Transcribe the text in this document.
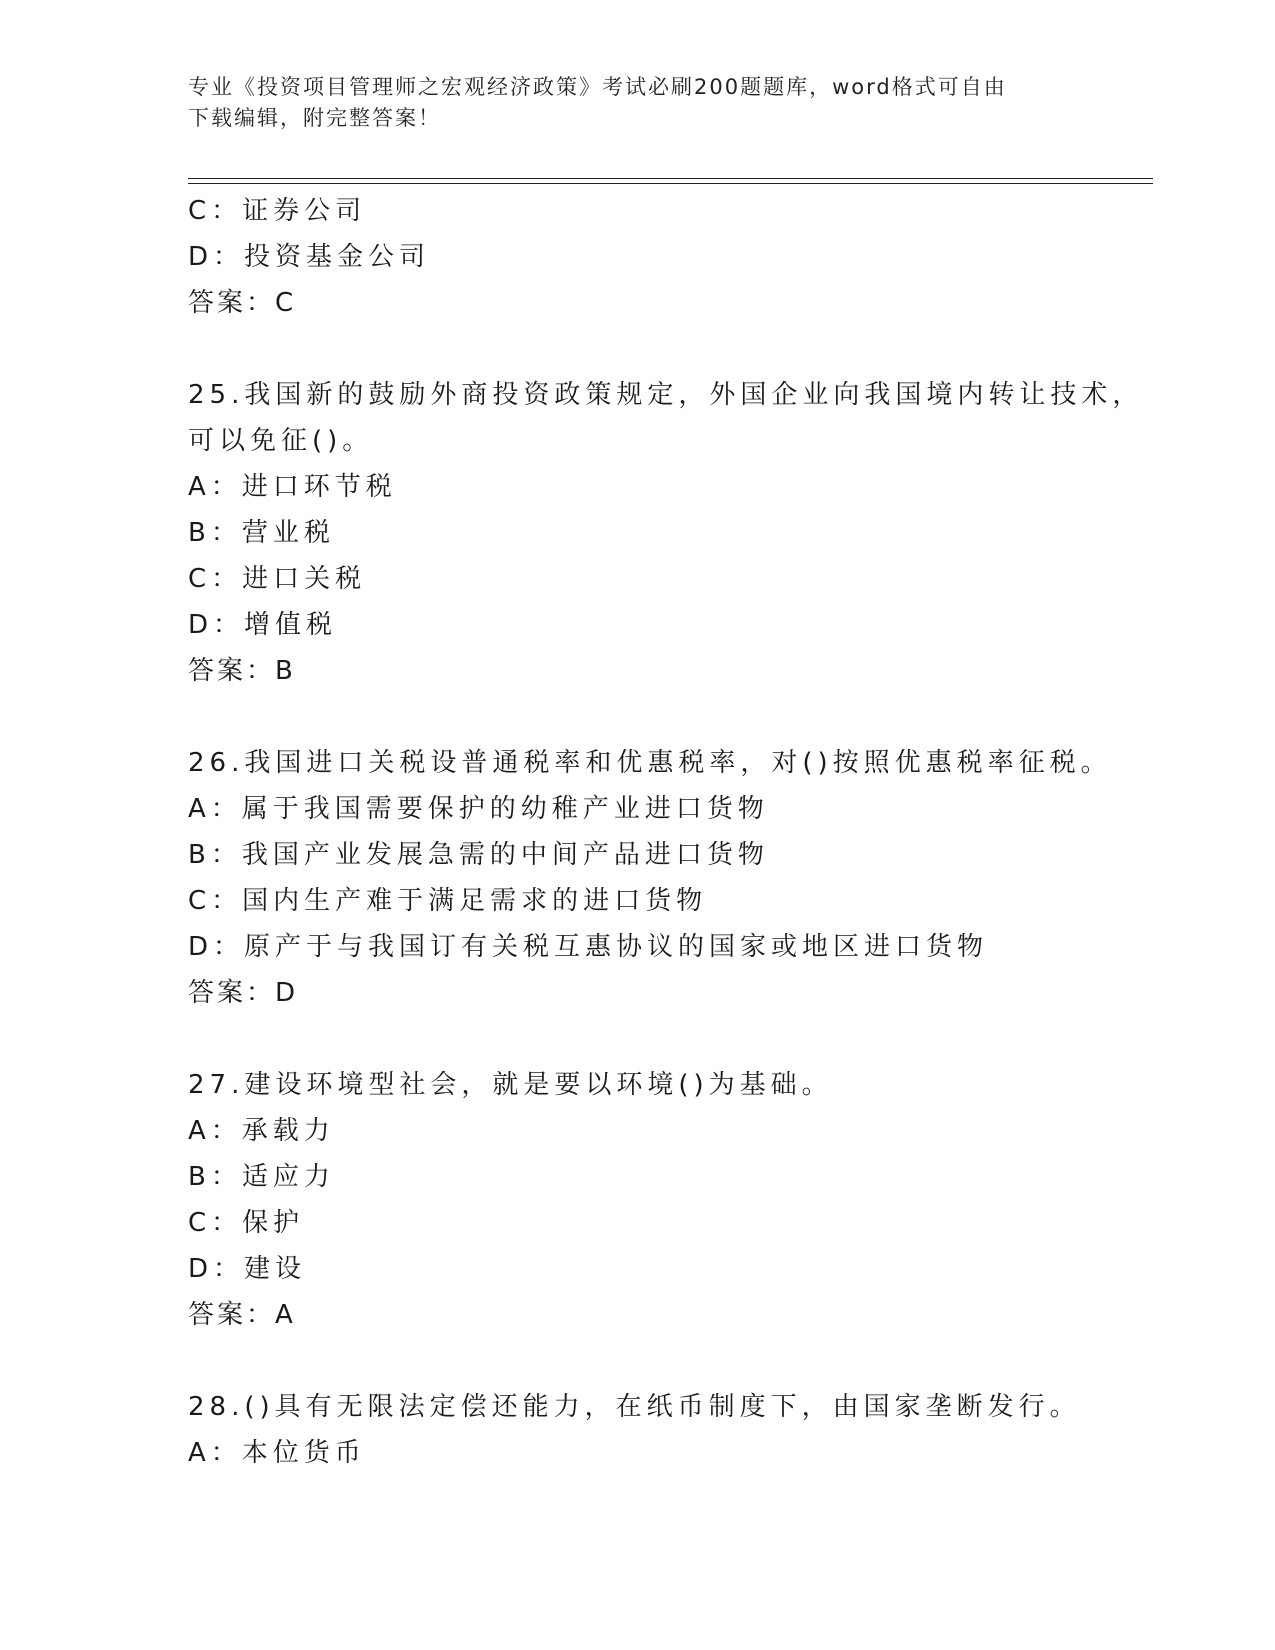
专业《投资项目管理师之宏观经济政策》考试必刷200题题库，word格式可自由
下载编辑，附完整答案！
C：证券公司
D：投资基金公司
答案：C
25.我国新的鼓励外商投资政策规定，外国企业向我国境内转让技术，
可以免征()。
A：进口环节税
B：营业税
C：进口关税
D：增值税
答案：B
26.我国进口关税设普通税率和优惠税率，对()按照优惠税率征税。
A：属于我国需要保护的幼稚产业进口货物
B：我国产业发展急需的中间产品进口货物
C：国内生产难于满足需求的进口货物
D：原产于与我国订有关税互惠协议的国家或地区进口货物
答案：D
27.建设环境型社会，就是要以环境()为基础。
A：承载力
B：适应力
C：保护
D：建设
答案：A
28.()具有无限法定偿还能力，在纸币制度下，由国家垄断发行。
A：本位货币
